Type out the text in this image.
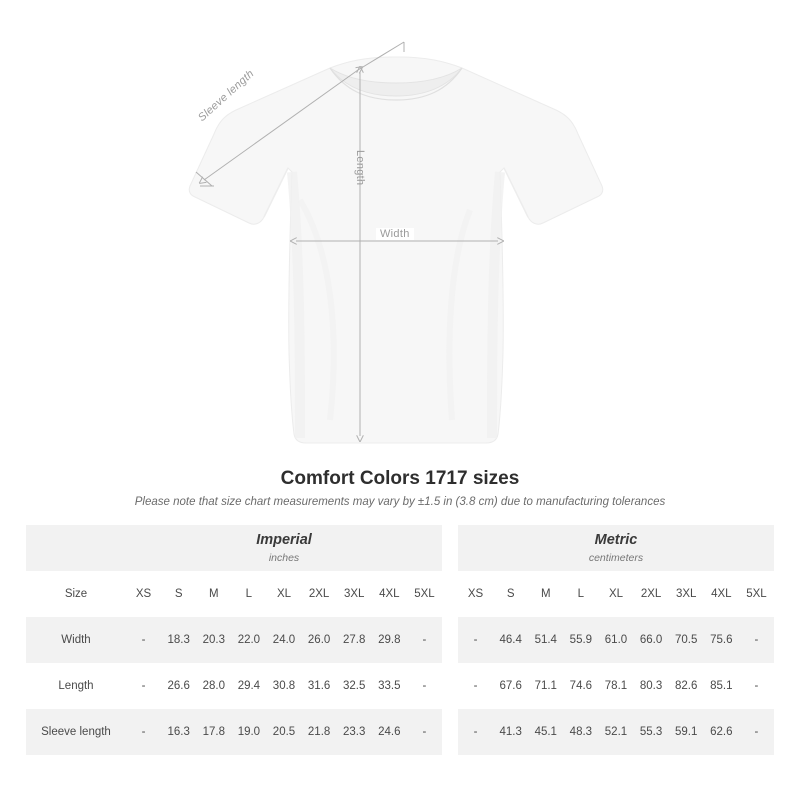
Sleeve length
Length
Width
Comfort Colors 1717 sizes

Please note that size chart measurements may vary by ±1.5 in (3.8 cm) due to manufacturing tolerances

	Imperial
inches										Metric
centimeters								

Size	XS	S	M	L	XL	2XL	3XL	4XL	5XL		XS	S	M	L	XL	2XL	3XL	4XL	5XL
Width	-	18.3	20.3	22.0	24.0	26.0	27.8	29.8	-		-	46.4	51.4	55.9	61.0	66.0	70.5	75.6	-
Length	-	26.6	28.0	29.4	30.8	31.6	32.5	33.5	-		-	67.6	71.1	74.6	78.1	80.3	82.6	85.1	-
Sleeve length	-	16.3	17.8	19.0	20.5	21.8	23.3	24.6	-		-	41.3	45.1	48.3	52.1	55.3	59.1	62.6	-
